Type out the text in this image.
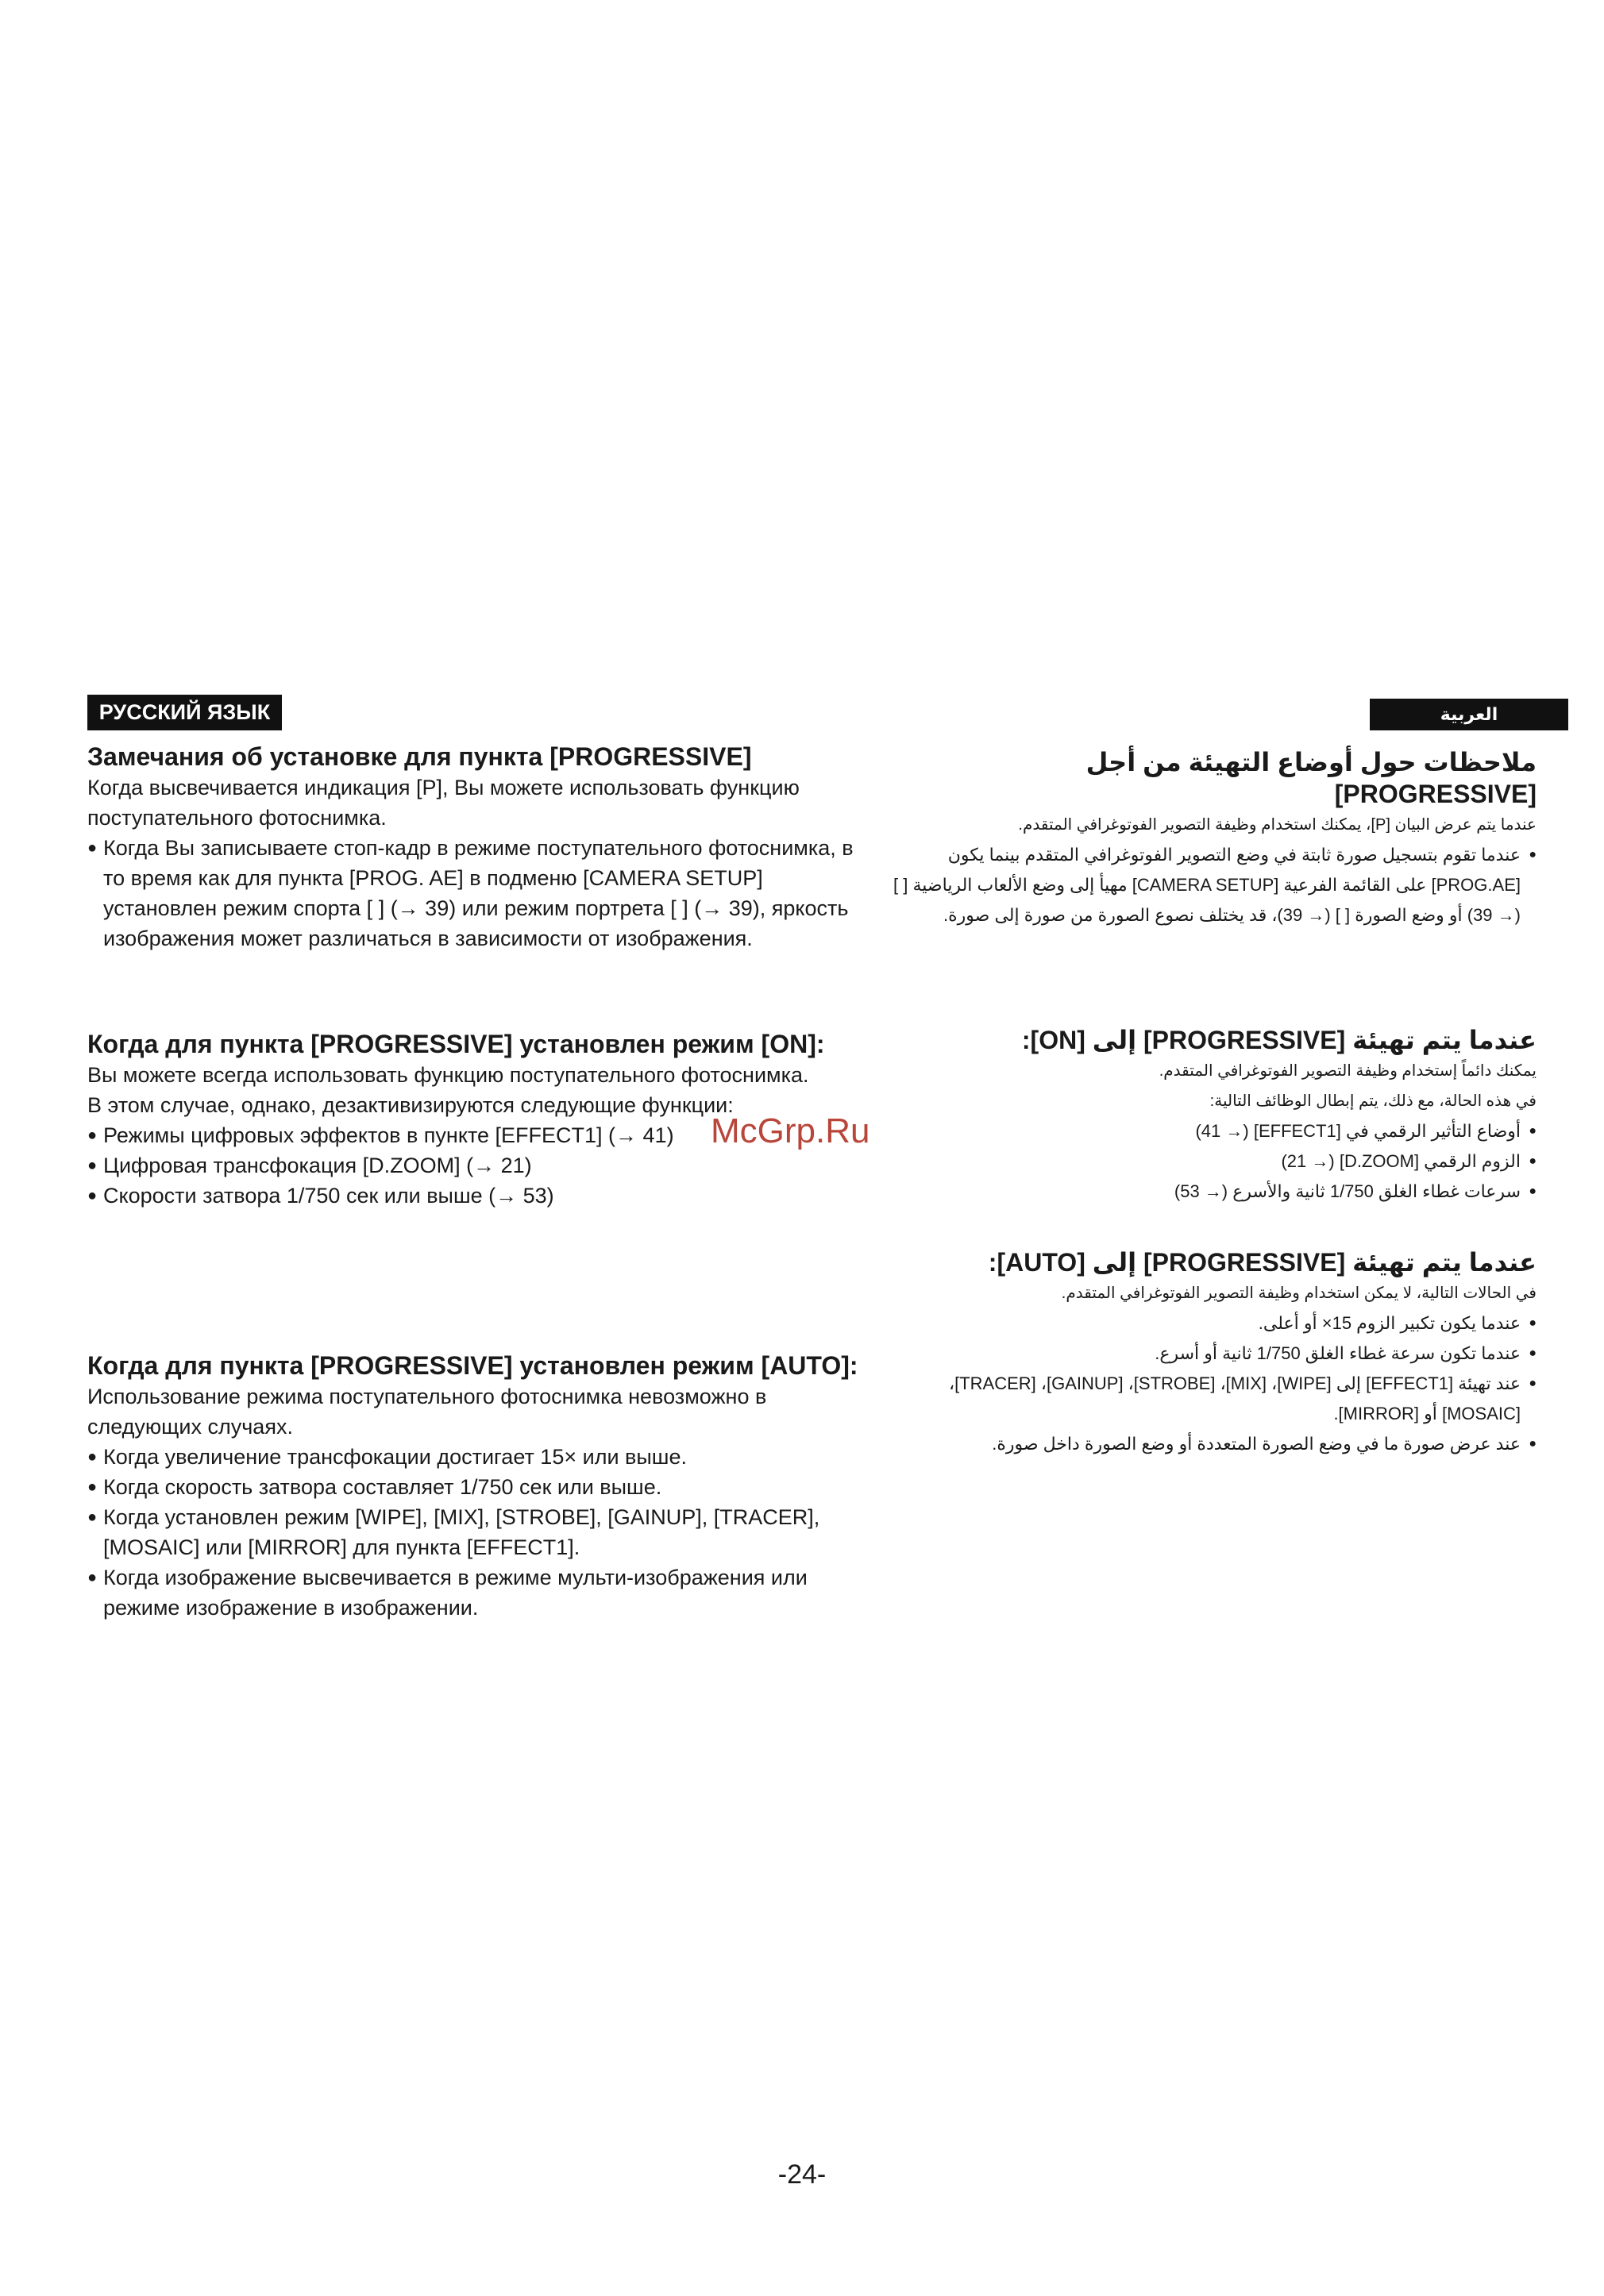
РУССКИЙ ЯЗЫК

Замечания об установке для пункта [PROGRESSIVE]

Когда высвечивается индикация [P], Вы можете использовать функцию поступательного фотоснимка.

● Когда Вы записываете стоп-кадр в режиме поступательного фотоснимка, в то время как для пункта [PROG. AE] в подменю [CAMERA SETUP] установлен режим спорта [ ] (→ 39) или режим портрета [ ] (→ 39), яркость изображения может различаться в зависимости от изображения.

Когда для пункта [PROGRESSIVE] установлен режим [ON]:

Вы можете всегда использовать функцию поступательного фотоснимка.

В этом случае, однако, дезактивизируются следующие функции:

● Режимы цифровых эффектов в пункте [EFFECT1] (→ 41)
● Цифровая трансфокация [D.ZOOM] (→ 21)
● Скорости затвора 1/750 сек или выше (→ 53)

Когда для пункта [PROGRESSIVE] установлен режим [AUTO]:

Использование режима поступательного фотоснимка невозможно в следующих случаях.

● Когда увеличение трансфокации достигает 15× или выше.
● Когда скорость затвора составляет 1/750 сек или выше.
● Когда установлен режим [WIPE], [MIX], [STROBE], [GAINUP], [TRACER], [MOSAIC] или [MIRROR] для пункта [EFFECT1].
● Когда изображение высвечивается в режиме мульти-изображения или режиме изображение в изображении.
العربية

ملاحظات حول أوضاع التهيئة من أجل [PROGRESSIVE]

عندما يتم عرض البيان [P]، يمكنك استخدام وظيفة التصوير الفوتوغرافي المتقدم.

● عندما تقوم بتسجيل صورة ثابتة في وضع التصوير الفوتوغرافي المتقدم بينما يكون [PROG.AE] على القائمة الفرعية [CAMERA SETUP] مهيأ إلى وضع الألعاب الرياضية [ ] (→ 39) أو وضع الصورة [ ] (→ 39)، قد يختلف نصوع الصورة من صورة إلى صورة.

عندما يتم تهيئة [PROGRESSIVE] إلى [ON]:

يمكنك دائماً إستخدام وظيفة التصوير الفوتوغرافي المتقدم.

في هذه الحالة، مع ذلك، يتم إبطال الوظائف التالية:

● أوضاع التأثير الرقمي في [EFFECT1] (→ 41)
● الزوم الرقمي [D.ZOOM] (→ 21)
● سرعات غطاء الغلق 1/750 ثانية والأسرع (→ 53)

عندما يتم تهيئة [PROGRESSIVE] إلى [AUTO]:

في الحالات التالية، لا يمكن استخدام وظيفة التصوير الفوتوغرافي المتقدم.

● عندما يكون تكبير الزوم 15× أو أعلى.
● عندما تكون سرعة غطاء الغلق 1/750 ثانية أو أسرع.
● عند تهيئة [EFFECT1] إلى [WIPE]، [MIX]، [STROBE]، [GAINUP]، [TRACER]، [MOSAIC] أو [MIRROR].
● عند عرض صورة ما في وضع الصورة المتعددة أو وضع الصورة داخل صورة.
McGrp.Ru
-24-
